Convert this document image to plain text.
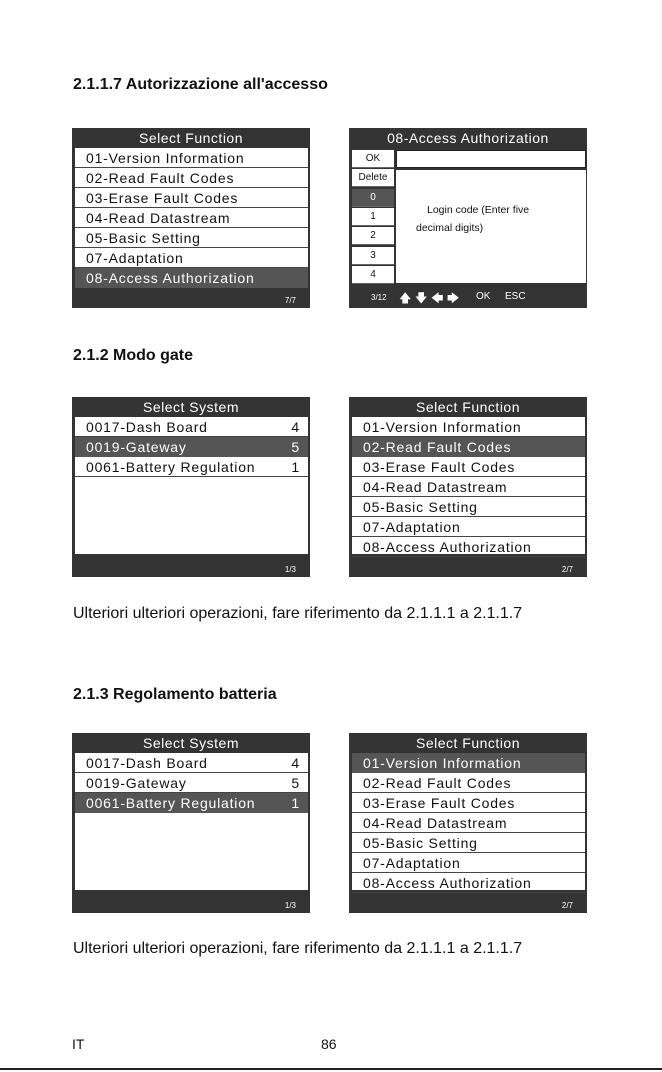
2.1.1.7 Autorizzazione all'accesso
Select Function
01-Version Information
02-Read Fault Codes
03-Erase Fault Codes
04-Read Datastream
05-Basic Setting
07-Adaptation
08-Access Authorization
7/7
08-Access Authorization
OK
Delete
0
1
2
3
4
Login code (Enter five
decimal digits)
3/12 🡅 🡇 🡄 🡆 OK ESC
2.1.2 Modo gate
Select System
0017-Dash Board	4
0019-Gateway	5
0061-Battery Regulation	1
1/3
Select Function
01-Version Information
02-Read Fault Codes
03-Erase Fault Codes
04-Read Datastream
05-Basic Setting
07-Adaptation
08-Access Authorization
2/7
Ulteriori ulteriori operazioni, fare riferimento da 2.1.1.1 a 2.1.1.7
2.1.3 Regolamento batteria
Select System
0017-Dash Board	4
0019-Gateway	5
0061-Battery Regulation	1
1/3
Select Function
01-Version Information
02-Read Fault Codes
03-Erase Fault Codes
04-Read Datastream
05-Basic Setting
07-Adaptation
08-Access Authorization
2/7
Ulteriori ulteriori operazioni, fare riferimento da 2.1.1.1 a 2.1.1.7
IT	86
